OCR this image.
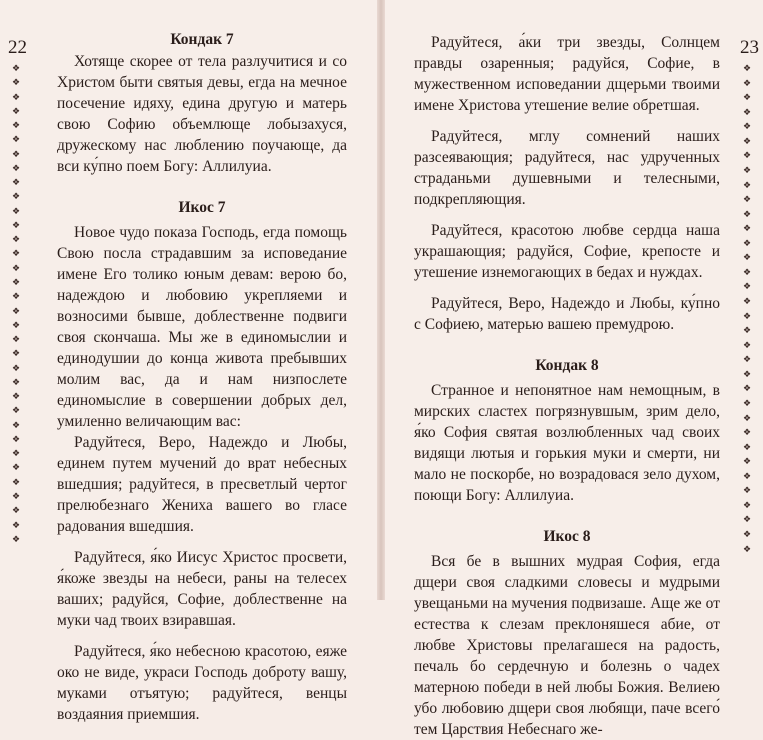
22	23
❖
❖
❖
❖
❖
❖
❖
❖
❖
❖
❖
❖
❖
❖
❖
❖
❖
❖
❖
❖
❖
❖
❖
❖
❖
❖
❖
❖
❖
❖
❖
❖
❖
❖
❖
❖
❖
❖
❖
❖
❖
❖
❖
❖
❖
❖
❖
❖
❖
❖
❖
❖
❖
❖
❖
❖
❖
❖
❖
❖
❖
❖
❖
❖
❖
❖
❖
❖
Кондак 7

Хотяще скорее от тела разлучитися и со Христом быти святыя девы, егда на мечное посечение идяху, едина другую и матерь свою Софию объемлюще лобызахуся, дружескому нас люблению поучающе, да вси ку́пно поем Богу: Аллилуиа.

Икос 7

Новое чудо показа Господь, егда помощь Свою посла страдавшим за исповедание имене Его толико юным девам: верою бо, надеждою и любовию укрепляеми и возносими бывше, доблественне подвиги своя скончаша. Мы же в единомыслии и единодушии до конца живота пребывших молим вас, да и нам низпослете единомыслие в совершении добрых дел, умиленно величающим вас:

Радуйтеся, Веро, Надеждо и Любы, единем путем мучений до врат небесных вшедшия; радуйтеся, в пресветлый чертог прелюбезнаго Жениха вашего во гласе радования вшедшия.

Радуйтеся, я́ко Иисус Христос просвети, я́коже звезды на небеси, раны на телесех ваших; радуйся, Софие, доблественне на муки чад твоих взиравшая.

Радуйтеся, я́ко небесною красотою, еяже око не виде, украси Господь доброту вашу, муками отъятую; радуйтеся, венцы воздаяния приемшия.

Радуйтеся, а́ки три звезды, Солнцем правды озаренныя; радуйся, Софие, в мужественном исповедании дщерьми твоими имене Христова утешение велие обретшая.

Радуйтеся, мглу сомнений наших разсеявающия; радуйтеся, нас удрученных страданьми душевными и телесными, подкрепляющия.

Радуйтеся, красотою любве сердца наша украшающия; радуйся, Софие, крепосте и утешение изнемогающих в бедах и нуждах.

Радуйтеся, Веро, Надеждо и Любы, ку́пно с Софиею, матерью вашею премудрою.

Кондак 8

Странное и непонятное нам немощным, в мирских сластех погрязнувшым, зрим дело, я́ко София святая возлюбленных чад своих видящи лютыя и горькия муки и смерти, ни мало не поскорбе, но возрадовася зело духом, поющи Богу: Аллилуиа.

Икос 8

Вся бе в вышних мудрая София, егда дщери своя сладкими словесы и мудрыми увещаньми на мучения подвизаше. Аще же от естества к слезам преклоняшеся абие, от любве Христовы прелагашеся на радость, печаль бо сердечную и болезнь о чадех матерною победи в ней любы Божия. Велиею убо любовию дщери своя любящи, паче всего́ тем Царствия Небеснаго же-
